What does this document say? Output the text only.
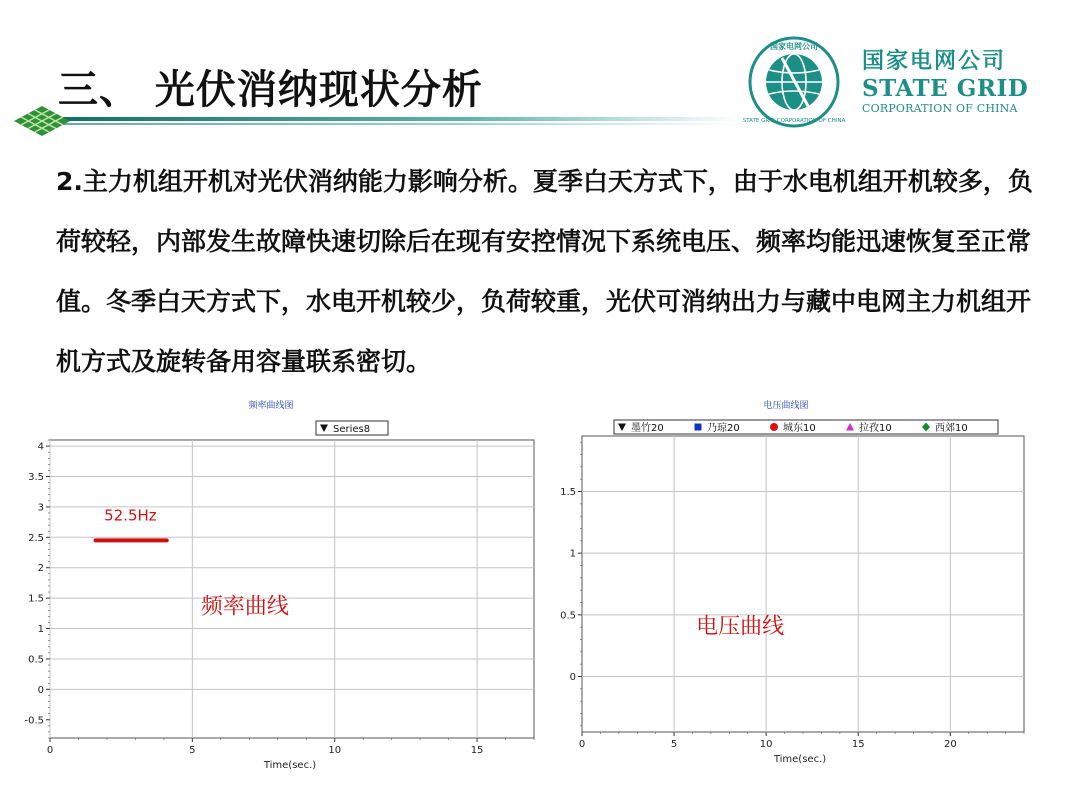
三、 光伏消纳现状分析
国家电网公司
STATE GRID CORPORATION OF CHINA
国家电网公司
STATE GRID
CORPORATION OF CHINA
2.主力机组开机对光伏消纳能力影响分析。夏季白天方式下，由于水电机组开机较多，负荷较轻，内部发生故障快速切除后在现有安控情况下系统电压、频率均能迅速恢复至正常值。冬季白天方式下，水电开机较少，负荷较重，光伏可消纳出力与藏中电网主力机组开机方式及旋转备用容量联系密切。
频率曲线图
-0.5
0
0.5
1
1.5
2
2.5
3
3.5
4
0	5	10	15
Time(sec.)
Series8
52.5Hz
频率曲线
电压曲线图
0
0.5
1
1.5
0	5	10	15	20
Time(sec.)
墨竹20	乃琼20	城东10	拉孜10	西郊10
电压曲线
